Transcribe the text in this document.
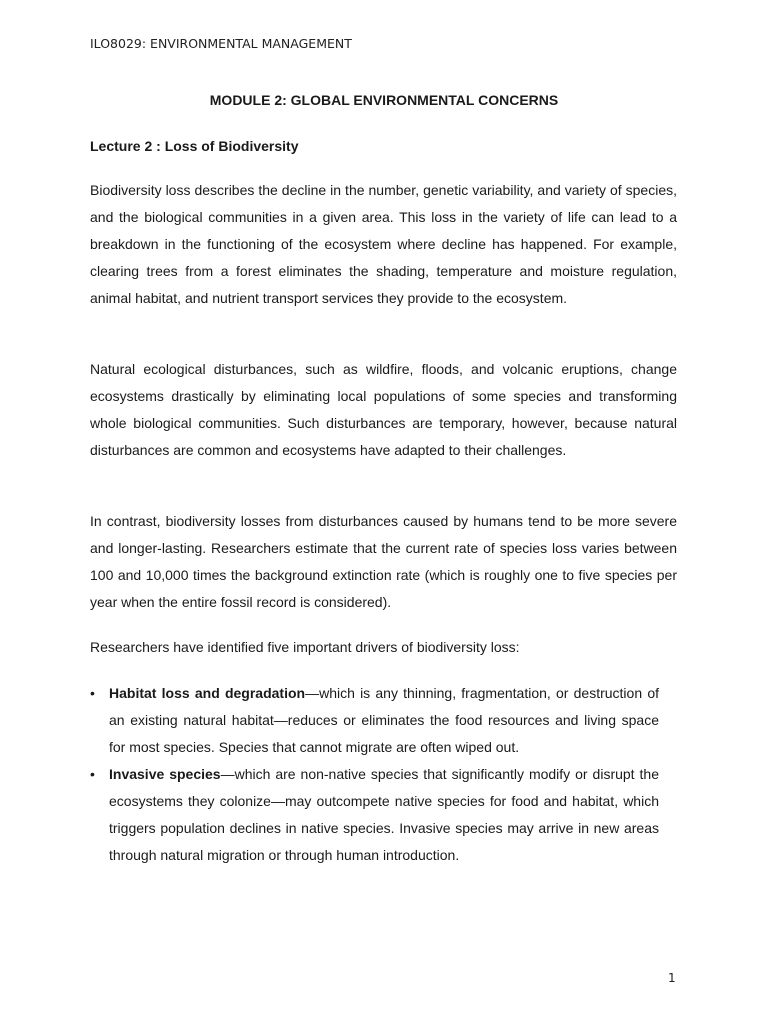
ILO8029: ENVIRONMENTAL MANAGEMENT
MODULE 2: GLOBAL ENVIRONMENTAL CONCERNS
Lecture 2 : Loss of Biodiversity

Biodiversity loss describes the decline in the number, genetic variability, and variety of species, and the biological communities in a given area. This loss in the variety of life can lead to a breakdown in the functioning of the ecosystem where decline has happened. For example, clearing trees from a forest eliminates the shading, temperature and moisture regulation, animal habitat, and nutrient transport services they provide to the ecosystem.

Natural ecological disturbances, such as wildfire, floods, and volcanic eruptions, change ecosystems drastically by eliminating local populations of some species and transforming whole biological communities. Such disturbances are temporary, however, because natural disturbances are common and ecosystems have adapted to their challenges.

In contrast, biodiversity losses from disturbances caused by humans tend to be more severe and longer-lasting. Researchers estimate that the current rate of species loss varies between 100 and 10,000 times the background extinction rate (which is roughly one to five species per year when the entire fossil record is considered).

Researchers have identified five important drivers of biodiversity loss:

•	Habitat loss and degradation—which is any thinning, fragmentation, or destruction of an existing natural habitat—reduces or eliminates the food resources and living space for most species. Species that cannot migrate are often wiped out.
•	Invasive species—which are non-native species that significantly modify or disrupt the ecosystems they colonize—may outcompete native species for food and habitat, which triggers population declines in native species. Invasive species may arrive in new areas through natural migration or through human introduction.
1
